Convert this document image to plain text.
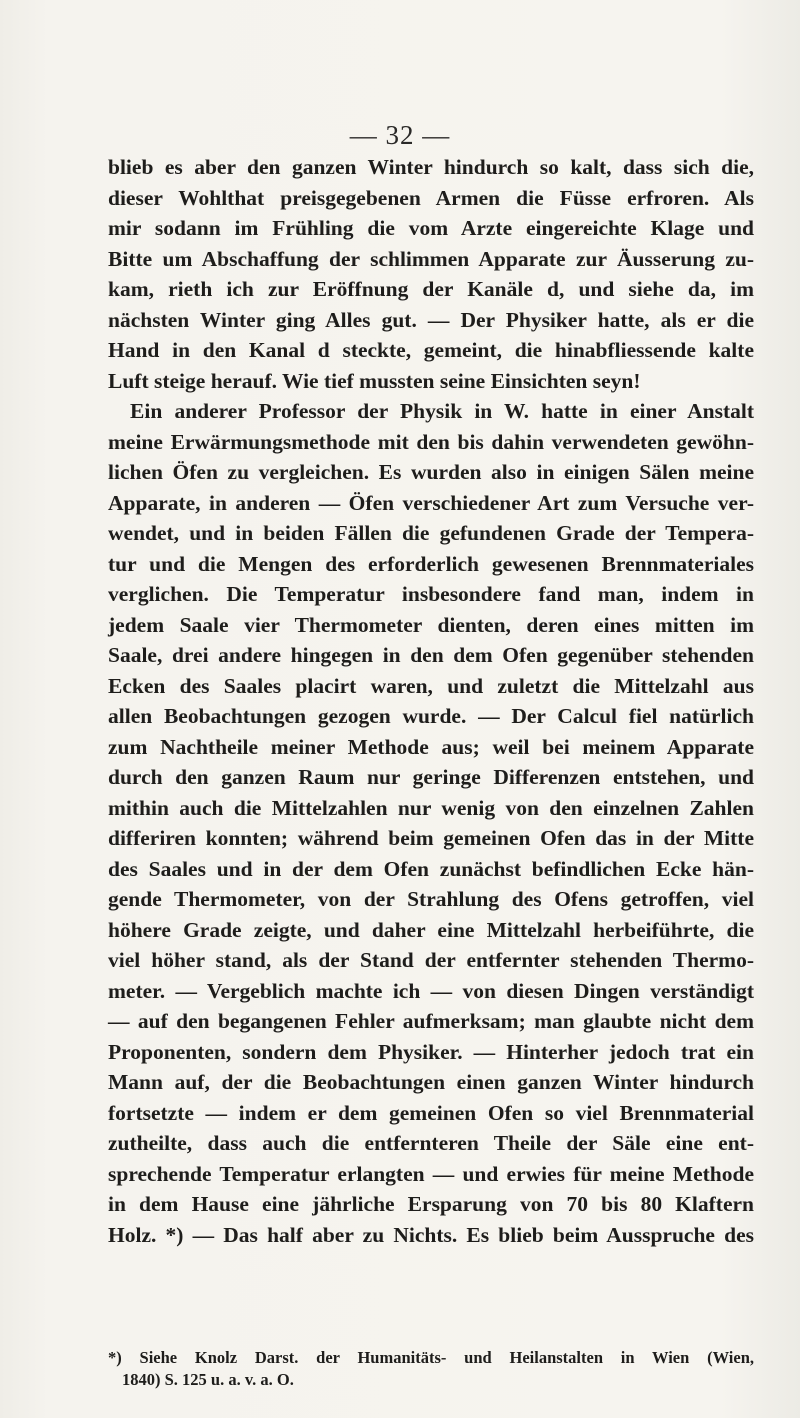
— 32 —
blieb es aber den ganzen Winter hindurch so kalt, dass sich die,
dieser Wohlthat preisgegebenen Armen die Füsse erfroren. Als
mir sodann im Frühling die vom Arzte eingereichte Klage und
Bitte um Abschaffung der schlimmen Apparate zur Äusserung zu-
kam, rieth ich zur Eröffnung der Kanäle d, und siehe da, im
nächsten Winter ging Alles gut. — Der Physiker hatte, als er die
Hand in den Kanal d steckte, gemeint, die hinabfliessende kalte
Luft steige herauf. Wie tief mussten seine Einsichten seyn!
Ein anderer Professor der Physik in W. hatte in einer Anstalt
meine Erwärmungsmethode mit den bis dahin verwendeten gewöhn-
lichen Öfen zu vergleichen. Es wurden also in einigen Sälen meine
Apparate, in anderen — Öfen verschiedener Art zum Versuche ver-
wendet, und in beiden Fällen die gefundenen Grade der Tempera-
tur und die Mengen des erforderlich gewesenen Brennmateriales
verglichen. Die Temperatur insbesondere fand man, indem in
jedem Saale vier Thermometer dienten, deren eines mitten im
Saale, drei andere hingegen in den dem Ofen gegenüber stehenden
Ecken des Saales placirt waren, und zuletzt die Mittelzahl aus
allen Beobachtungen gezogen wurde. — Der Calcul fiel natürlich
zum Nachtheile meiner Methode aus; weil bei meinem Apparate
durch den ganzen Raum nur geringe Differenzen entstehen, und
mithin auch die Mittelzahlen nur wenig von den einzelnen Zahlen
differiren konnten; während beim gemeinen Ofen das in der Mitte
des Saales und in der dem Ofen zunächst befindlichen Ecke hän-
gende Thermometer, von der Strahlung des Ofens getroffen, viel
höhere Grade zeigte, und daher eine Mittelzahl herbeiführte, die
viel höher stand, als der Stand der entfernter stehenden Thermo-
meter. — Vergeblich machte ich — von diesen Dingen verständigt
— auf den begangenen Fehler aufmerksam; man glaubte nicht dem
Proponenten, sondern dem Physiker. — Hinterher jedoch trat ein
Mann auf, der die Beobachtungen einen ganzen Winter hindurch
fortsetzte — indem er dem gemeinen Ofen so viel Brennmaterial
zutheilte, dass auch die entfernteren Theile der Säle eine ent-
sprechende Temperatur erlangten — und erwies für meine Methode
in dem Hause eine jährliche Ersparung von 70 bis 80 Klaftern
Holz. *) — Das half aber zu Nichts. Es blieb beim Ausspruche des
*) Siehe Knolz Darst. der Humanitäts- und Heilanstalten in Wien (Wien,
1840) S. 125 u. a. v. a. O.
